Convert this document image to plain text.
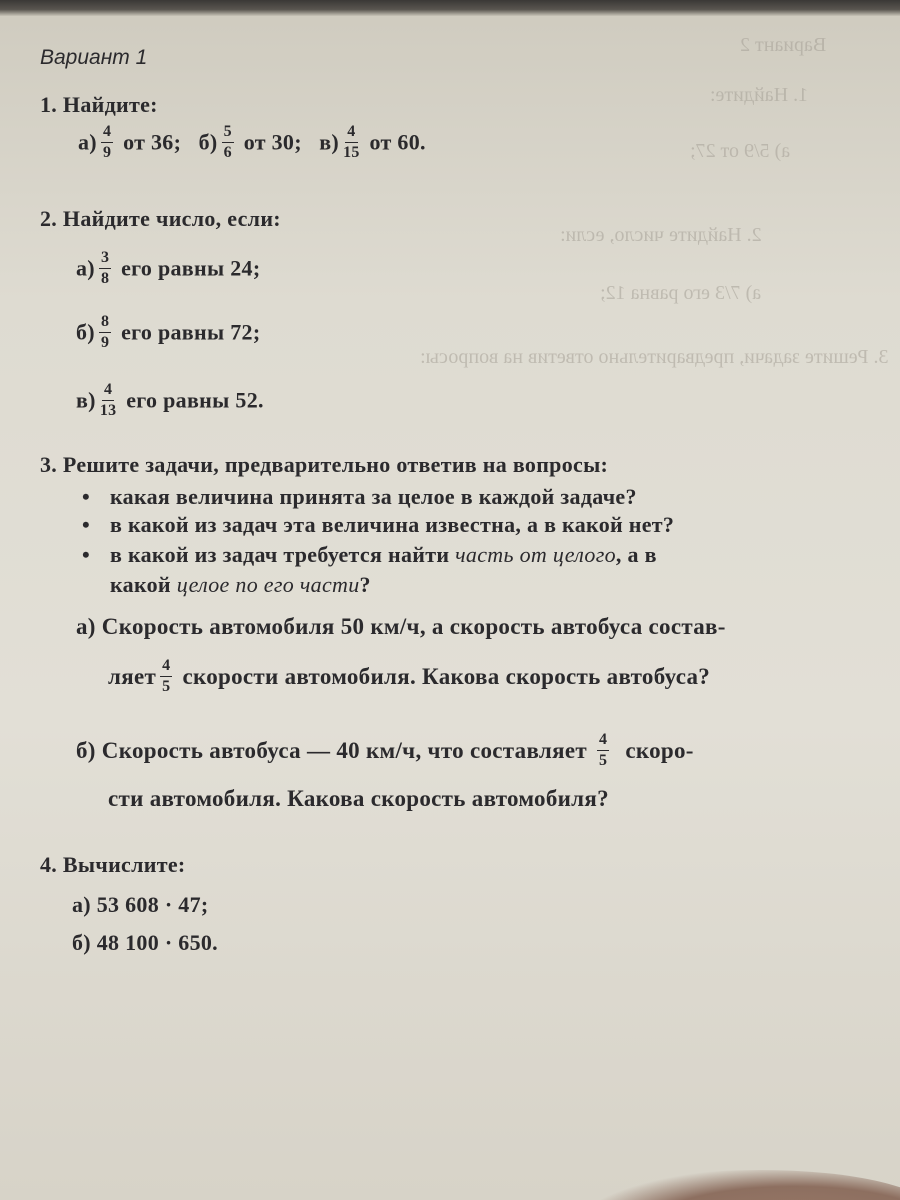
Вариант 2
1. Найдите:
а) 5/9 от 27;
2. Найдите число, если:
а) 7/3 его равна 12;
3. Решите задачи, предварительно ответив на вопросы:
Вариант 1
1. Найдите:
$а) \frac{4}{9}$ от 36; $б) \frac{5}{6}$ от 30; $в) \frac{4}{15}$ от 60.
2. Найдите число, если:
$а) \frac{3}{8}$ его равны 24;
$б) \frac{8}{9}$ его равны 72;
$в) \frac{4}{13}$ его равны 52.
3. Решите задачи, предварительно ответив на вопросы:
• какая величина принята за целое в каждой задаче?
• в какой из задач эта величина известна, а в какой нет?
• в какой из задач требуется найти часть от целого, а в
какой целое по его части?
а) Скорость автомобиля 50 км/ч, а скорость автобуса состав-
ляет $\frac{4}{5}$ скорости автомобиля. Какова скорость автобуса?
б) Скорость автобуса — 40 км/ч, что составляет $\frac{4}{5}$ скоро-
сти автомобиля. Какова скорость автомобиля?
4. Вычислите:
а) 53 608 · 47;
б) 48 100 · 650.
